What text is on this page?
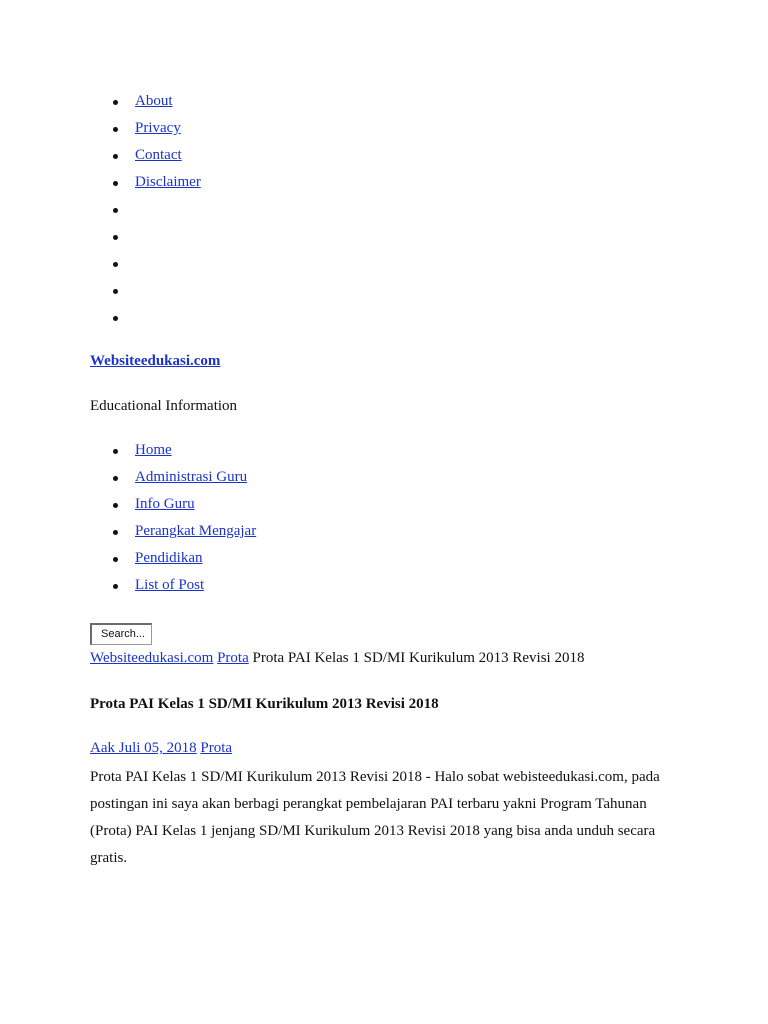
About
Privacy
Contact
Disclaimer
Websiteedukasi.com
Educational Information
Home
Administrasi Guru
Info Guru
Perangkat Mengajar
Pendidikan
List of Post
Search...
Websiteedukasi.com Prota Prota PAI Kelas 1 SD/MI Kurikulum 2013 Revisi 2018
Prota PAI Kelas 1 SD/MI Kurikulum 2013 Revisi 2018
Aak Juli 05, 2018 Prota

Prota PAI Kelas 1 SD/MI Kurikulum 2013 Revisi 2018 - Halo sobat webisteedukasi.com, pada postingan ini saya akan berbagi perangkat pembelajaran PAI terbaru yakni Program Tahunan (Prota) PAI Kelas 1 jenjang SD/MI Kurikulum 2013 Revisi 2018 yang bisa anda unduh secara gratis.
